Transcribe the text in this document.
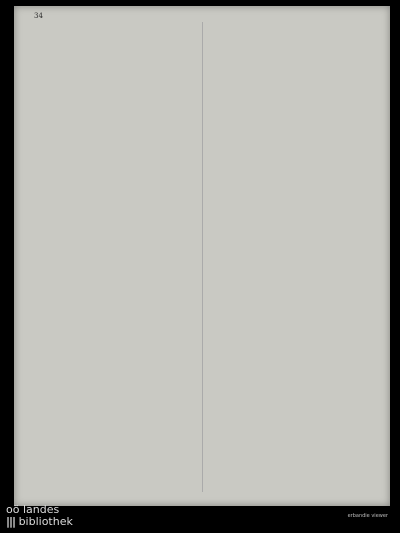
34
oö landes
||| bibliothek	erbandie viewer
